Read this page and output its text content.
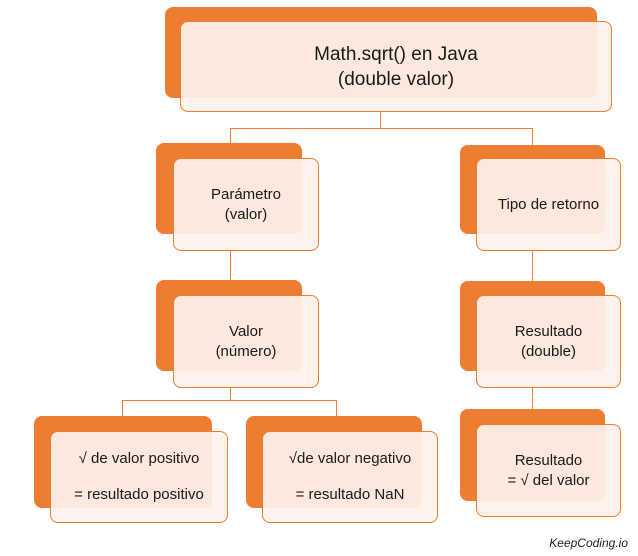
Math.sqrt() en Java
(double valor)
Parámetro
(valor)
Tipo de retorno
Valor
(número)
Resultado
(double)
√ de valor positivo
= resultado positivo
√de valor negativo
= resultado NaN
Resultado
= √ del valor
KeepCoding.io
